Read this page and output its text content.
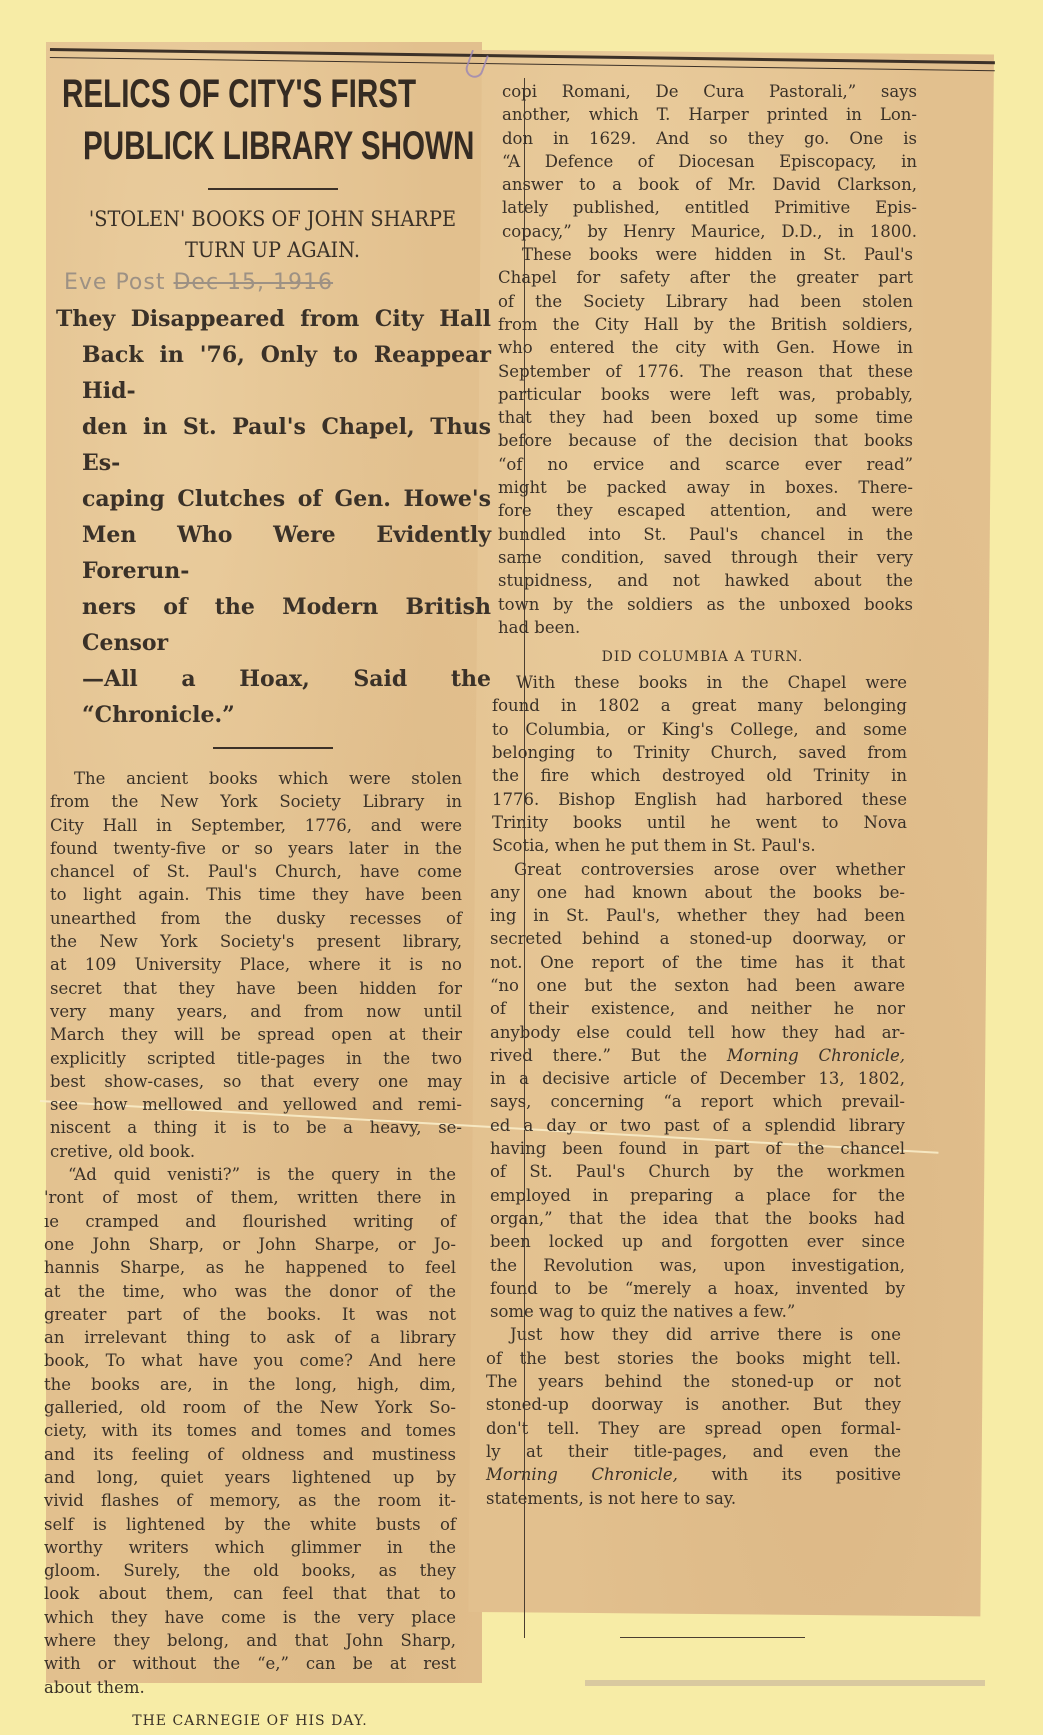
RELICS OF CITY'S FIRST
PUBLICK LIBRARY SHOWN
'STOLEN' BOOKS OF JOHN SHARPE
TURN UP AGAIN.
Eve Post Dec 15, 1916
They Disappeared from City Hall
Back in '76, Only to Reappear Hid-
den in St. Paul's Chapel, Thus Es-
caping Clutches of Gen. Howe's
Men Who Were Evidently Forerun-
ners of the Modern British Censor
—All a Hoax, Said the “Chronicle.”
The ancient books which were stolen
from the New York Society Library in
City Hall in September, 1776, and were
found twenty-five or so years later in the
chancel of St. Paul's Church, have come
to light again. This time they have been
unearthed from the dusky recesses of
the New York Society's present library,
at 109 University Place, where it is no
secret that they have been hidden for
very many years, and from now until
March they will be spread open at their
explicitly scripted title-pages in the two
best show-cases, so that every one may
see how mellowed and yellowed and remi-
niscent a thing it is to be a heavy, se-
cretive, old book.
“Ad quid venisti?” is the query in the
'ront of most of them, written there in
ıe cramped and flourished writing of
one John Sharp, or John Sharpe, or Jo-
hannis Sharpe, as he happened to feel
at the time, who was the donor of the
greater part of the books. It was not
an irrelevant thing to ask of a library
book, To what have you come? And here
the books are, in the long, high, dim,
galleried, old room of the New York So-
ciety, with its tomes and tomes and tomes
and its feeling of oldness and mustiness
and long, quiet years lightened up by
vivid flashes of memory, as the room it-
self is lightened by the white busts of
worthy writers which glimmer in the
gloom. Surely, the old books, as they
look about them, can feel that that to
which they have come is the very place
where they belong, and that John Sharp,
with or without the “e,” can be at rest
about them.
THE CARNEGIE OF HIS DAY.
copi Romani, De Cura Pastorali,” says
another, which T. Harper printed in Lon-
don in 1629. And so they go. One is
“A Defence of Diocesan Episcopacy, in
answer to a book of Mr. David Clarkson,
lately published, entitled Primitive Epis-
copacy,” by Henry Maurice, D.D., in 1800.
These books were hidden in St. Paul's
Chapel for safety after the greater part
of the Society Library had been stolen
from the City Hall by the British soldiers,
who entered the city with Gen. Howe in
September of 1776. The reason that these
particular books were left was, probably,
that they had been boxed up some time
before because of the decision that books
“of no ervice and scarce ever read”
might be packed away in boxes. There-
fore they escaped attention, and were
bundled into St. Paul's chancel in the
same condition, saved through their very
stupidness, and not hawked about the
town by the soldiers as the unboxed books
had been.
DID COLUMBIA A TURN.
With these books in the Chapel were
found in 1802 a great many belonging
to Columbia, or King's College, and some
belonging to Trinity Church, saved from
the fire which destroyed old Trinity in
1776. Bishop English had harbored these
Trinity books until he went to Nova
Scotia, when he put them in St. Paul's.
Great controversies arose over whether
any one had known about the books be-
ing in St. Paul's, whether they had been
secreted behind a stoned-up doorway, or
not. One report of the time has it that
“no one but the sexton had been aware
of their existence, and neither he nor
anybody else could tell how they had ar-
rived there.” But the Morning Chronicle,
in a decisive article of December 13, 1802,
says, concerning “a report which prevail-
ed a day or two past of a splendid library
having been found in part of the chancel
of St. Paul's Church by the workmen
employed in preparing a place for the
organ,” that the idea that the books had
been locked up and forgotten ever since
the Revolution was, upon investigation,
found to be “merely a hoax, invented by
some wag to quiz the natives a few.”
Just how they did arrive there is one
of the best stories the books might tell.
The years behind the stoned-up or not
stoned-up doorway is another. But they
don't tell. They are spread open formal-
ly at their title-pages, and even the
Morning Chronicle, with its positive
statements, is not here to say.
